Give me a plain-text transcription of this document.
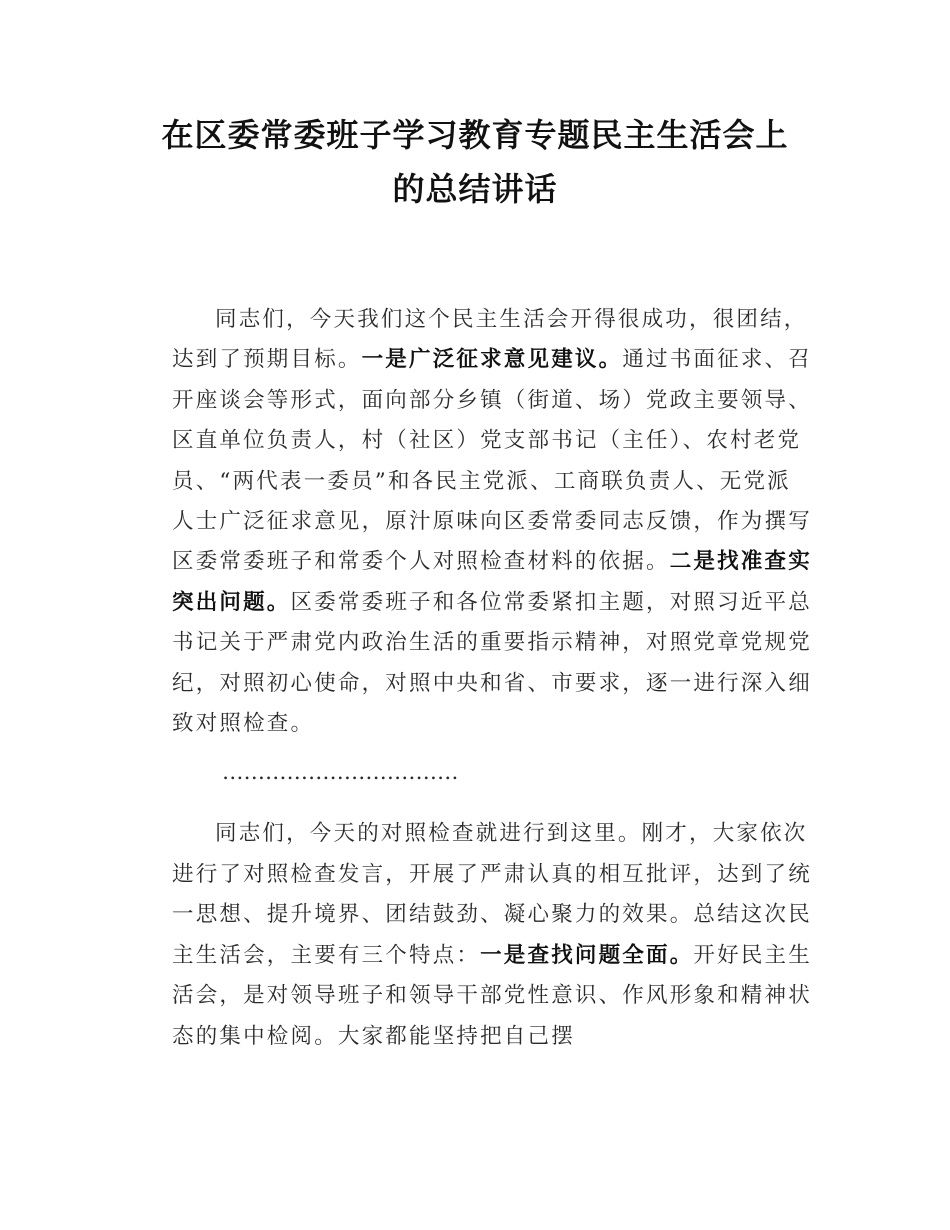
在区委常委班子学习教育专题民主生活会上
的总结讲话

同志们，今天我们这个民主生活会开得很成功，很团结，达到了预期目标。一是广泛征求意见建议。通过书面征求、召开座谈会等形式，面向部分乡镇（街道、场）党政主要领导、区直单位负责人，村（社区）党支部书记（主任）、农村老党员、“两代表一委员”和各民主党派、工商联负责人、无党派人士广泛征求意见，原汁原味向区委常委同志反馈，作为撰写区委常委班子和常委个人对照检查材料的依据。二是找准查实突出问题。区委常委班子和各位常委紧扣主题，对照习近平总书记关于严肃党内政治生活的重要指示精神，对照党章党规党纪，对照初心使命，对照中央和省、市要求，逐一进行深入细致对照检查。

……………………………

同志们，今天的对照检查就进行到这里。刚才，大家依次进行了对照检查发言，开展了严肃认真的相互批评，达到了统一思想、提升境界、团结鼓劲、凝心聚力的效果。总结这次民主生活会，主要有三个特点：一是查找问题全面。开好民主生活会，是对领导班子和领导干部党性意识、作风形象和精神状态的集中检阅。大家都能坚持把自己摆
